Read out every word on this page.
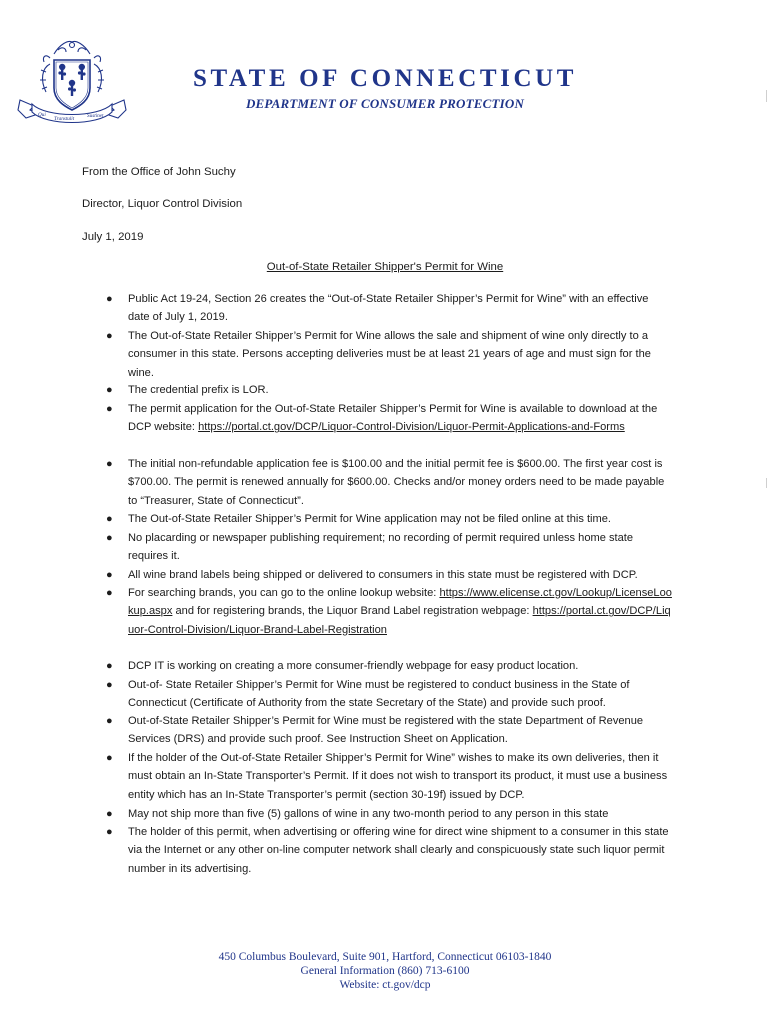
Qui
Transtulit Sustinet
STATE OF CONNECTICUT
DEPARTMENT OF CONSUMER PROTECTION
From the Office of John Suchy
Director, Liquor Control Division
July 1, 2019
Out-of-State Retailer Shipper's Permit for Wine
● Public Act 19-24, Section 26 creates the “Out-of-State Retailer Shipper’s Permit for Wine” with an effective date of July 1, 2019.
● The Out-of-State Retailer Shipper’s Permit for Wine allows the sale and shipment of wine only directly to a consumer in this state. Persons accepting deliveries must be at least 21 years of age and must sign for the wine.
● The credential prefix is LOR.
● The permit application for the Out-of-State Retailer Shipper’s Permit for Wine is available to download at the DCP website: https://portal.ct.gov/DCP/Liquor-Control-Division/Liquor-Permit-Applications-and-Forms
● The initial non-refundable application fee is $100.00 and the initial permit fee is $600.00. The first year cost is $700.00. The permit is renewed annually for $600.00. Checks and/or money orders need to be made payable to “Treasurer, State of Connecticut”.
● The Out-of-State Retailer Shipper’s Permit for Wine application may not be filed online at this time.
● No placarding or newspaper publishing requirement; no recording of permit required unless home state requires it.
● All wine brand labels being shipped or delivered to consumers in this state must be registered with DCP.
● For searching brands, you can go to the online lookup website: https://www.elicense.ct.gov/Lookup/LicenseLookup.aspx and for registering brands, the Liquor Brand Label registration webpage: https://portal.ct.gov/DCP/Liquor-Control-Division/Liquor-Brand-Label-Registration
● DCP IT is working on creating a more consumer-friendly webpage for easy product location.
● Out-of- State Retailer Shipper’s Permit for Wine must be registered to conduct business in the State of Connecticut (Certificate of Authority from the state Secretary of the State) and provide such proof.
● Out-of-State Retailer Shipper’s Permit for Wine must be registered with the state Department of Revenue Services (DRS) and provide such proof. See Instruction Sheet on Application.
● If the holder of the Out-of-State Retailer Shipper’s Permit for Wine” wishes to make its own deliveries, then it must obtain an In-State Transporter’s Permit. If it does not wish to transport its product, it must use a business entity which has an In-State Transporter’s permit (section 30-19f) issued by DCP.
● May not ship more than five (5) gallons of wine in any two-month period to any person in this state
● The holder of this permit, when advertising or offering wine for direct wine shipment to a consumer in this state via the Internet or any other on-line computer network shall clearly and conspicuously state such liquor permit number in its advertising.
450 Columbus Boulevard, Suite 901, Hartford, Connecticut 06103-1840
General Information (860) 713-6100
Website: ct.gov/dcp
